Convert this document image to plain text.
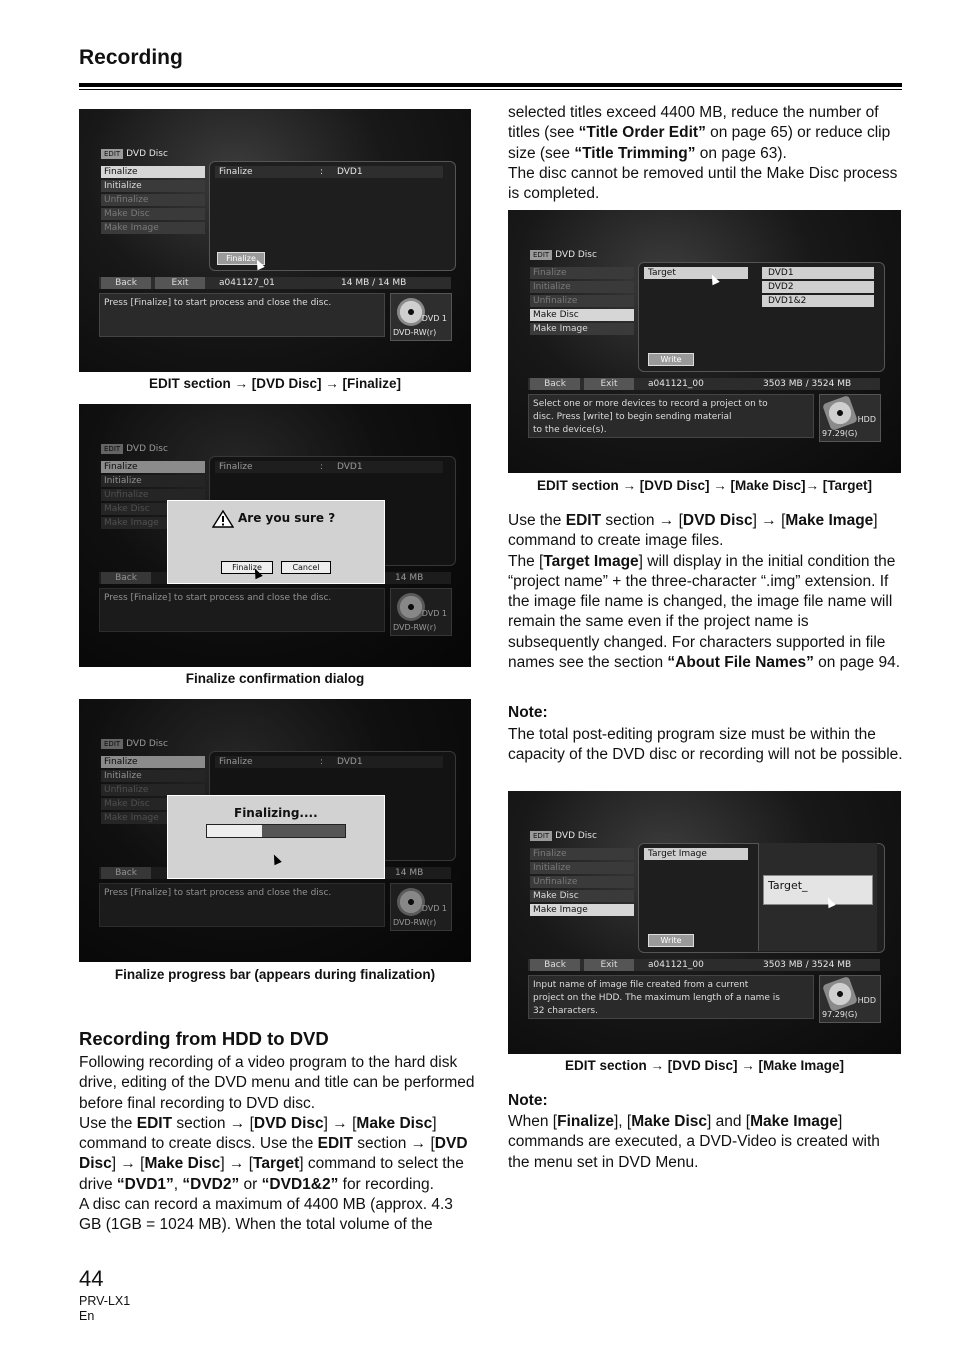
Recording
EDIT DVD Disc
Finalize
Initialize
Unfinalize
Make Disc
Make Image
Finalize	: DVD1
Finalize
Back	Exit	a041127_01	14 MB / 14 MB
Press [Finalize] to start process and close the disc.
DVD 1
DVD-RW(r)
EDIT section → [DVD Disc] → [Finalize]
EDIT DVD Disc
Finalize
Initialize
Unfinalize
Make Disc
Make Image
Finalize	: DVD1
Back	14 MB
Press [Finalize] to start process and close the disc.
DVD 1
DVD-RW(r)
Are you sure ?
Finalize	Cancel
Finalize confirmation dialog
EDIT DVD Disc
Finalize
Initialize
Unfinalize
Make Disc
Make Image
Finalize	: DVD1
Back	14 MB
Press [Finalize] to start process and close the disc.
DVD 1
DVD-RW(r)
Finalizing....
Finalize progress bar (appears during finalization)
Recording from HDD to DVD
Following recording of a video program to the hard disk drive, editing of the DVD menu and title can be performed before final recording to DVD disc.
Use the EDIT section → [DVD Disc] → [Make Disc] command to create discs. Use the EDIT section → [DVD Disc] → [Make Disc] → [Target] command to select the drive “DVD1”, “DVD2” or “DVD1&2” for recording.
A disc can record a maximum of 4400 MB (approx. 4.3 GB (1GB = 1024 MB). When the total volume of the
selected titles exceed 4400 MB, reduce the number of titles (see “Title Order Edit” on page 65) or reduce clip size (see “Title Trimming” on page 63).
The disc cannot be removed until the Make Disc process is completed.
EDIT DVD Disc
Finalize
Initialize
Unfinalize
Make Disc
Make Image
Target	DVD1
DVD2
DVD1&2
Write
Back	Exit	a041121_00	3503 MB / 3524 MB
Select one or more devices to record a project on to
disc. Press [write] to begin sending material
to the device(s).
HDD
97.29(G)
EDIT section → [DVD Disc] → [Make Disc]→ [Target]
Use the EDIT section → [DVD Disc] → [Make Image] command to create image files.
The [Target Image] will display in the initial condition the “project name” + the three-character “.img” extension. If the image file name is changed, the image file name will remain the same even if the project name is subsequently changed. For characters supported in file names see the section “About File Names” on page 94.
Note:
The total post-editing program size must be within the capacity of the DVD disc or recording will not be possible.
EDIT DVD Disc
Finalize
Initialize
Unfinalize
Make Disc
Make Image
Target Image
Target_
Write
Back	Exit	a041121_00	3503 MB / 3524 MB
Input name of image file created from a current
project on the HDD. The maximum length of a name is
32 characters.
HDD
97.29(G)
EDIT section → [DVD Disc] → [Make Image]
Note:
When [Finalize], [Make Disc] and [Make Image] commands are executed, a DVD-Video is created with the menu set in DVD Menu.
44
PRV-LX1
En
